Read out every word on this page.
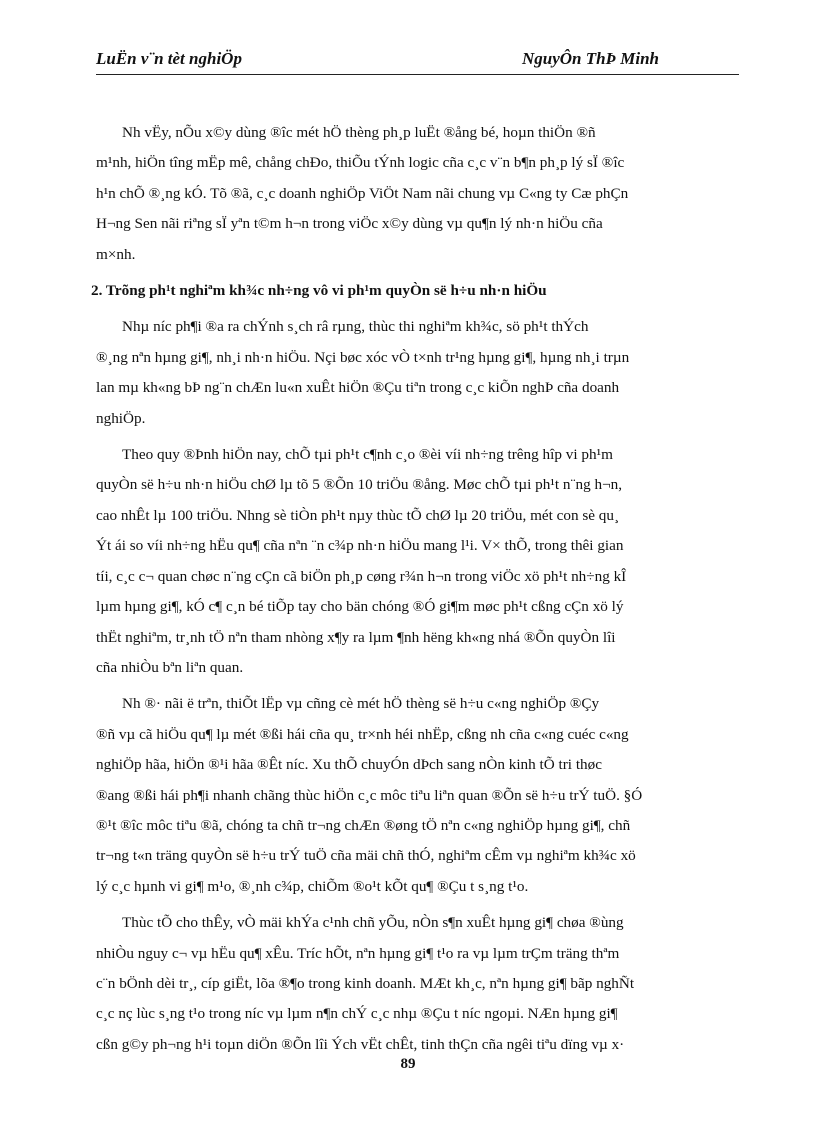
LuËn v¨n tèt nghiÖp	NguyÔn ThÞ Minh
Nh vËy, nÕu x©y dùng ®îc mét hÖ thèng ph¸p luËt ®ång bé, hoµn thiÖn ®ñ
m¹nh, hiÖn tîng mËp mê, chång chÐo, thiÕu tÝnh logic cña c¸c v¨n b¶n ph¸p lý sÏ ®îc
h¹n chÕ ®¸ng kÓ. Tõ ®ã, c¸c doanh nghiÖp ViÖt Nam nãi chung vµ C«ng ty Cæ phÇn
H¬ng Sen nãi riªng sÏ yªn t©m h¬n trong viÖc x©y dùng vµ qu¶n lý nh·n hiÖu cña
m×nh.
2. Trõng ph¹t nghiªm kh¾c nh÷ng vô vi ph¹m quyÒn së h÷u nh·n hiÖu
Nhµ níc ph¶i ®a ra chÝnh s¸ch râ rµng, thùc thi nghiªm kh¾c, sö ph¹t thÝch
®¸ng nªn hµng gi¶, nh¸i nh·n hiÖu. Nçi bøc xóc vÒ t×nh tr¹ng hµng gi¶, hµng nh¸i trµn
lan mµ kh«ng bÞ ng¨n chÆn lu«n xuÊt hiÖn ®Çu tiªn trong c¸c kiÕn nghÞ cña doanh
nghiÖp.
Theo quy ®Þnh hiÖn nay, chÕ tµi ph¹t c¶nh c¸o ®èi víi nh÷ng trêng hîp vi ph¹m
quyÒn së h÷u nh·n hiÖu chØ lµ tõ 5 ®Õn 10 triÖu ®ång. Møc chÕ tµi ph¹t n¨ng h¬n,
cao nhÊt lµ 100 triÖu. Nhng sè tiÒn ph¹t nµy thùc tÕ chØ lµ 20 triÖu, mét con sè qu¸
Ýt ái so víi nh÷ng hËu qu¶ cña nªn ¨n c¾p nh·n hiÖu mang l¹i. V× thÕ, trong thêi gian
tíi, c¸c c¬ quan chøc n¨ng cÇn cã biÖn ph¸p cøng r¾n h¬n trong viÖc xö ph¹t nh÷ng kÎ
lµm hµng gi¶, kÓ c¶ c¸n bé tiÕp tay cho bän chóng ®Ó gi¶m møc ph¹t cßng cÇn xö lý
thËt nghiªm, tr¸nh tÖ nªn tham nhòng x¶y ra lµm ¶nh hëng kh«ng nhá ®Õn quyÒn lîi
cña nhiÒu bªn liªn quan.
Nh ®· nãi ë trªn, thiÕt lËp vµ cñng cè mét hÖ thèng së h÷u c«ng nghiÖp ®Çy
®ñ vµ cã hiÖu qu¶ lµ mét ®ßi hái cña qu¸ tr×nh héi nhËp, cßng nh cña c«ng cuéc c«ng
nghiÖp hãa, hiÖn ®¹i hãa ®Êt níc. Xu thÕ chuyÓn dÞch sang nÒn kinh tÕ tri thøc
®ang ®ßi hái ph¶i nhanh chãng thùc hiÖn c¸c môc tiªu liªn quan ®Õn së h÷u trÝ tuÖ. §Ó
®¹t ®îc môc tiªu ®ã, chóng ta chñ tr¬ng chÆn ®øng tÖ nªn c«ng nghiÖp hµng gi¶, chñ
tr¬ng t«n träng quyÒn së h÷u trÝ tuÖ cña mäi chñ thÓ, nghiªm cÊm vµ nghiªm kh¾c xö
lý c¸c hµnh vi gi¶ m¹o, ®¸nh c¾p, chiÕm ®o¹t kÕt qu¶ ®Çu t s¸ng t¹o.
Thùc tÕ cho thÊy, vÒ mäi khÝa c¹nh chñ yÕu, nÒn s¶n xuÊt hµng gi¶ chøa ®ùng
nhiÒu nguy c¬ vµ hËu qu¶ xÊu. Tríc hÕt, nªn hµng gi¶ t¹o ra vµ lµm trÇm träng thªm
c¨n bÖnh dèi tr¸, cíp giËt, lõa ®¶o trong kinh doanh. MÆt kh¸c, nªn hµng gi¶ bãp nghÑt
c¸c nç lùc s¸ng t¹o trong níc vµ lµm n¶n chÝ c¸c nhµ ®Çu t níc ngoµi. NÆn hµng gi¶
cßn g©y ph¬ng h¹i toµn diÖn ®Õn lîi Ých vËt chÊt, tinh thÇn cña ngêi tiªu dïng vµ x·
89
